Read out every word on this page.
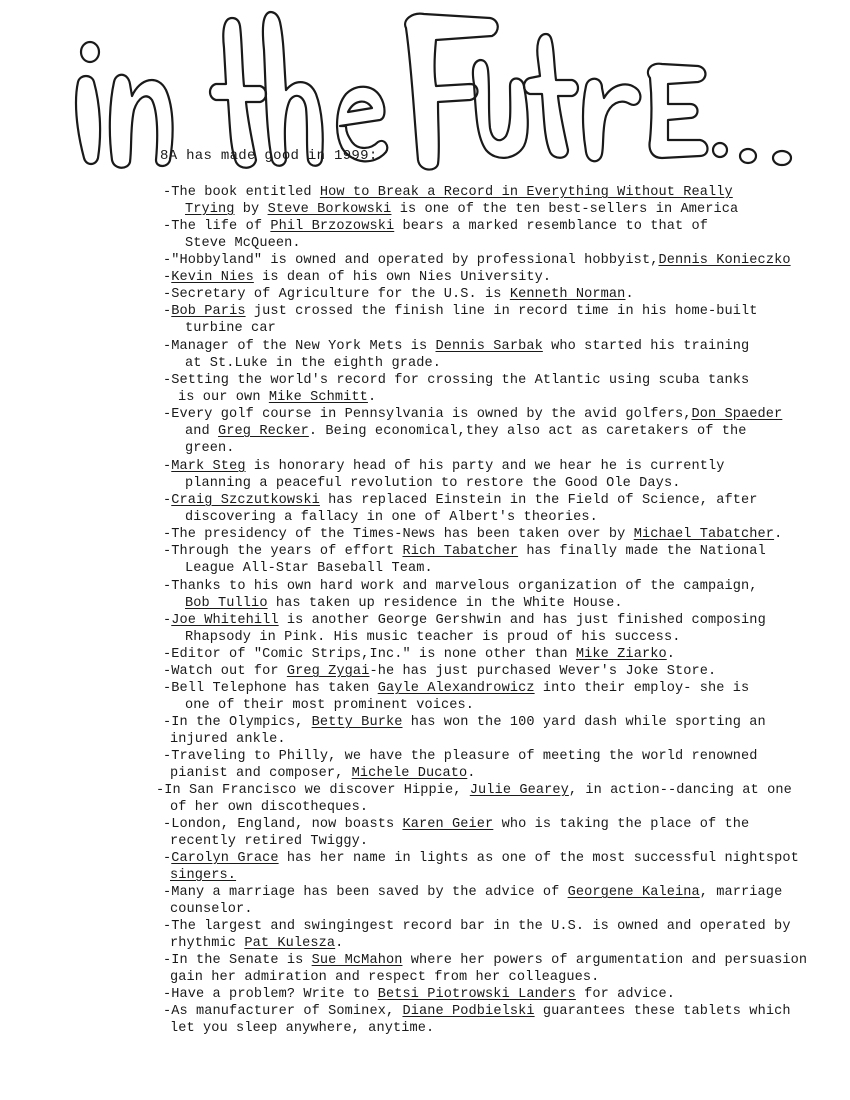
8A has made good in 1999:
-The book entitled How to Break a Record in Everything Without Really
Trying by Steve Borkowski is one of the ten best-sellers in America
-The life of Phil Brzozowski bears a marked resemblance to that of
Steve McQueen.
-"Hobbyland" is owned and operated by professional hobbyist,Dennis Konieczko
-Kevin Nies is dean of his own Nies University.
-Secretary of Agriculture for the U.S. is Kenneth Norman.
-Bob Paris just crossed the finish line in record time in his home-built
turbine car
-Manager of the New York Mets is Dennis Sarbak who started his training
at St.Luke in the eighth grade.
-Setting the world's record for crossing the Atlantic using scuba tanks
is our own Mike Schmitt.
-Every golf course in Pennsylvania is owned by the avid golfers,Don Spaeder
and Greg Recker. Being economical,they also act as caretakers of the
green.
-Mark Steg is honorary head of his party and we hear he is currently
planning a peaceful revolution to restore the Good Ole Days.
-Craig Szczutkowski has replaced Einstein in the Field of Science, after
discovering a fallacy in one of Albert's theories.
-The presidency of the Times-News has been taken over by Michael Tabatcher.
-Through the years of effort Rich Tabatcher has finally made the National
League All-Star Baseball Team.
-Thanks to his own hard work and marvelous organization of the campaign,
Bob Tullio has taken up residence in the White House.
-Joe Whitehill is another George Gershwin and has just finished composing
Rhapsody in Pink. His music teacher is proud of his success.
-Editor of "Comic Strips,Inc." is none other than Mike Ziarko.
-Watch out for Greg Zygai-he has just purchased Wever's Joke Store.
-Bell Telephone has taken Gayle Alexandrowicz into their employ- she is
one of their most prominent voices.
-In the Olympics, Betty Burke has won the 100 yard dash while sporting an
injured ankle.
-Traveling to Philly, we have the pleasure of meeting the world renowned
pianist and composer, Michele Ducato.
-In San Francisco we discover Hippie, Julie Gearey, in action--dancing at one
of her own discotheques.
-London, England, now boasts Karen Geier who is taking the place of the
recently retired Twiggy.
-Carolyn Grace has her name in lights as one of the most successful nightspot
singers.
-Many a marriage has been saved by the advice of Georgene Kaleina, marriage
counselor.
-The largest and swingingest record bar in the U.S. is owned and operated by
rhythmic Pat Kulesza.
-In the Senate is Sue McMahon where her powers of argumentation and persuasion
gain her admiration and respect from her colleagues.
-Have a problem? Write to Betsi Piotrowski Landers for advice.
-As manufacturer of Sominex, Diane Podbielski guarantees these tablets which
let you sleep anywhere, anytime.
